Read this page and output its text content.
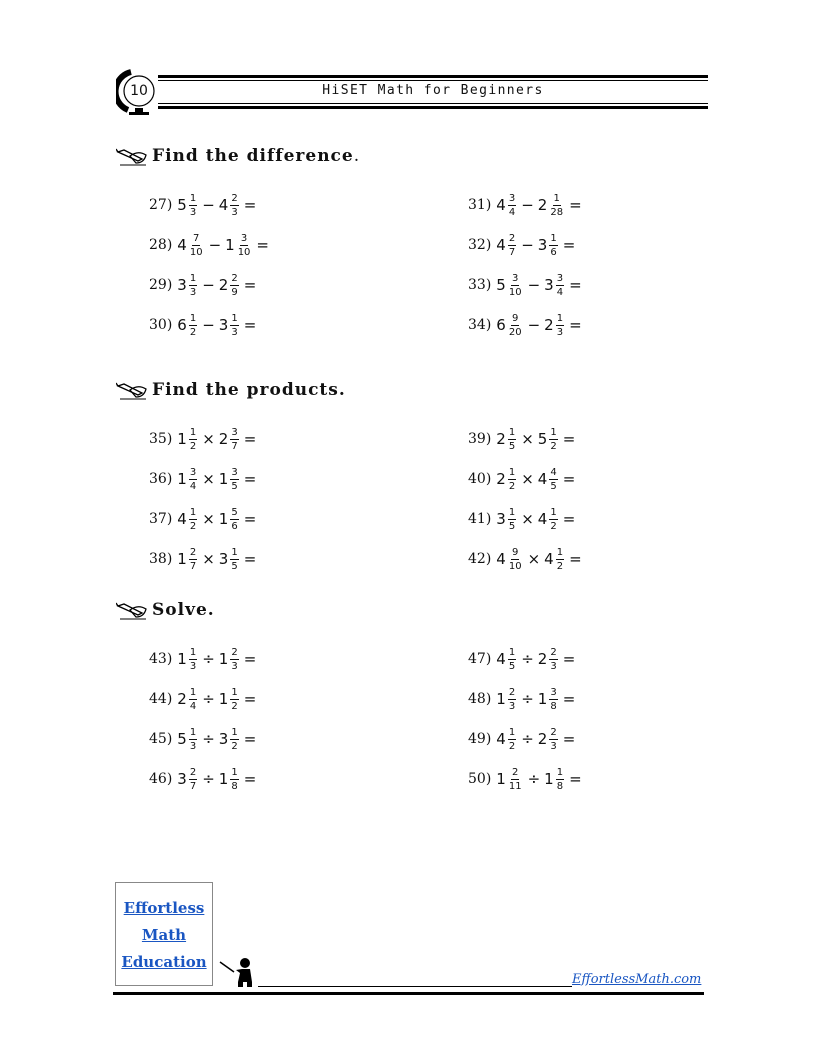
HiSET Math for Beginners
10
Find the difference.
Find the products.
Solve.
27) $5 \frac{1}{3} - 4 \frac{2}{3}$ =
28) $4 \frac{7}{10} - 1 \frac{3}{10}$ =
29) $3 \frac{1}{3} - 2 \frac{2}{9}$ =
30) $6 \frac{1}{2} - 3 \frac{1}{3}$ =
31) $4 \frac{3}{4} - 2 \frac{1}{28}$ =
32) $4 \frac{2}{7} - 3 \frac{1}{6}$ =
33) $5 \frac{3}{10} - 3 \frac{3}{4}$ =
34) $6 \frac{9}{20} - 2 \frac{1}{3}$ =
35) $1 \frac{1}{2} \times 2 \frac{3}{7}$ =
36) $1 \frac{3}{4} \times 1 \frac{3}{5}$ =
37) $4 \frac{1}{2} \times 1 \frac{5}{6}$ =
38) $1 \frac{2}{7} \times 3 \frac{1}{5}$ =
39) $2 \frac{1}{5} \times 5 \frac{1}{2}$ =
40) $2 \frac{1}{2} \times 4 \frac{4}{5}$ =
41) $3 \frac{1}{5} \times 4 \frac{1}{2}$ =
42) $4 \frac{9}{10} \times 4 \frac{1}{2}$ =
43) $1 \frac{1}{3} \div 1 \frac{2}{3}$ =
44) $2 \frac{1}{4} \div 1 \frac{1}{2}$ =
45) $5 \frac{1}{3} \div 3 \frac{1}{2}$ =
46) $3 \frac{2}{7} \div 1 \frac{1}{8}$ =
47) $4 \frac{1}{5} \div 2 \frac{2}{3}$ =
48) $1 \frac{2}{3} \div 1 \frac{3}{8}$ =
49) $4 \frac{1}{2} \div 2 \frac{2}{3}$ =
50) $1 \frac{2}{11} \div 1 \frac{1}{8}$ =
Effortless
Math
Education
EffortlessMath.com
